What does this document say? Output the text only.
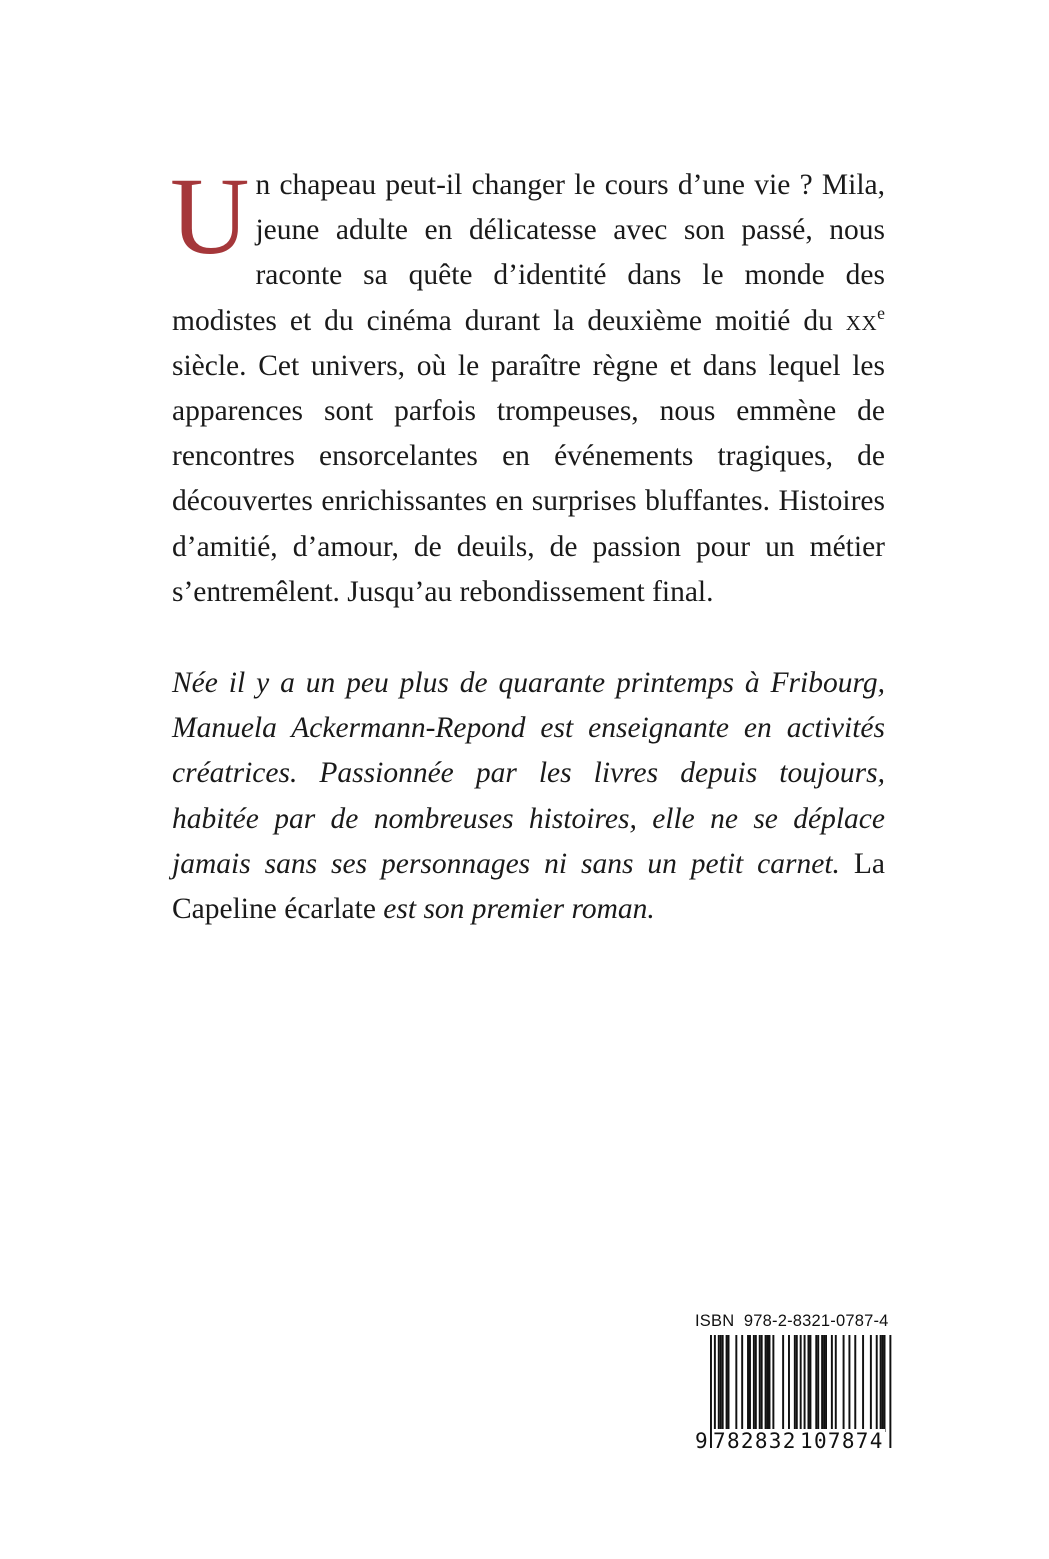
Un chapeau peut-il changer le cours d’une vie ? Mila, jeune adulte en délicatesse avec son passé, nous raconte sa quête d’identité dans le monde des modistes et du cinéma durant la deuxième moitié du $xx^e$ siècle. Cet univers, où le paraître règne et dans lequel les apparences sont parfois trompeuses, nous emmène de rencontres ensorcelantes en événements tragiques, de découvertes enrichissantes en surprises bluffantes. Histoires d’amitié, d’amour, de deuils, de passion pour un métier s’entremêlent. Jusqu’au rebondissement final.

Née il y a un peu plus de quarante printemps à Fribourg, Manuela Ackermann-Repond est enseignante en activités créatrices. Passionnée par les livres depuis toujours, habitée par de nombreuses histoires, elle ne se déplace jamais sans ses personnages ni sans un petit carnet. La Capeline écarlate est son premier roman.

ISBN 978-2-8321-0787-4
9 782832 107874
